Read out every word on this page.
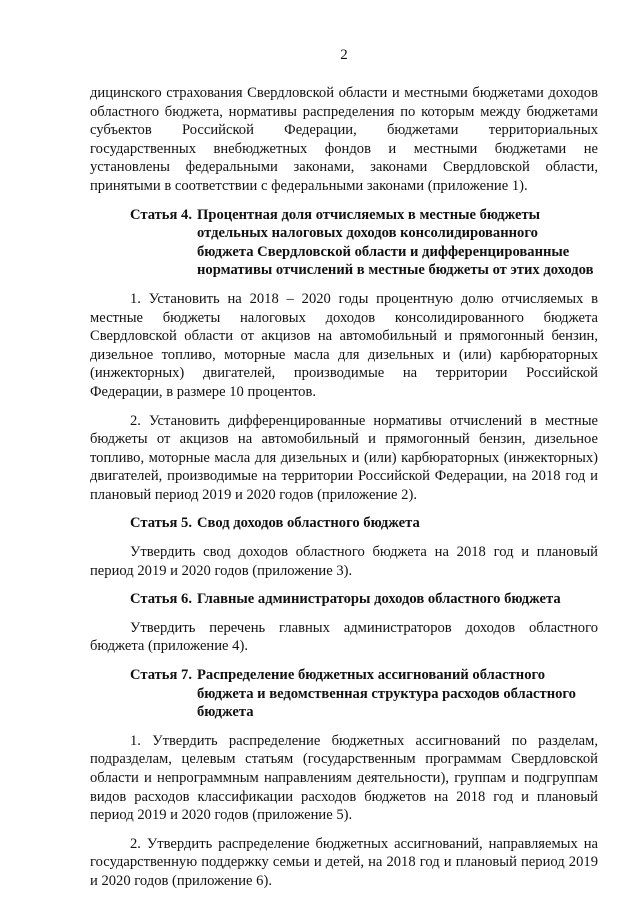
2

дицинского страхования Свердловской области и местными бюджетами доходов областного бюджета, нормативы распределения по которым между бюджетами субъектов Российской Федерации, бюджетами территориальных государственных внебюджетных фондов и местными бюджетами не установлены федеральными законами, законами Свердловской области, принятыми в соответствии с федеральными законами (приложение 1).

Статья 4. Процентная доля отчисляемых в местные бюджеты отдельных налоговых доходов консолидированного бюджета Свердловской области и дифференцированные нормативы отчислений в местные бюджеты от этих доходов

1. Установить на 2018 – 2020 годы процентную долю отчисляемых в местные бюджеты налоговых доходов консолидированного бюджета Свердловской области от акцизов на автомобильный и прямогонный бензин, дизельное топливо, моторные масла для дизельных и (или) карбюраторных (инжекторных) двигателей, производимые на территории Российской Федерации, в размере 10 процентов.

2. Установить дифференцированные нормативы отчислений в местные бюджеты от акцизов на автомобильный и прямогонный бензин, дизельное топливо, моторные масла для дизельных и (или) карбюраторных (инжекторных) двигателей, производимые на территории Российской Федерации, на 2018 год и плановый период 2019 и 2020 годов (приложение 2).

Статья 5. Свод доходов областного бюджета

Утвердить свод доходов областного бюджета на 2018 год и плановый период 2019 и 2020 годов (приложение 3).

Статья 6. Главные администраторы доходов областного бюджета

Утвердить перечень главных администраторов доходов областного бюджета (приложение 4).

Статья 7. Распределение бюджетных ассигнований областного бюджета и ведомственная структура расходов областного бюджета

1. Утвердить распределение бюджетных ассигнований по разделам, подразделам, целевым статьям (государственным программам Свердловской области и непрограммным направлениям деятельности), группам и подгруппам видов расходов классификации расходов бюджетов на 2018 год и плановый период 2019 и 2020 годов (приложение 5).

2. Утвердить распределение бюджетных ассигнований, направляемых на государственную поддержку семьи и детей, на 2018 год и плановый период 2019 и 2020 годов (приложение 6).
